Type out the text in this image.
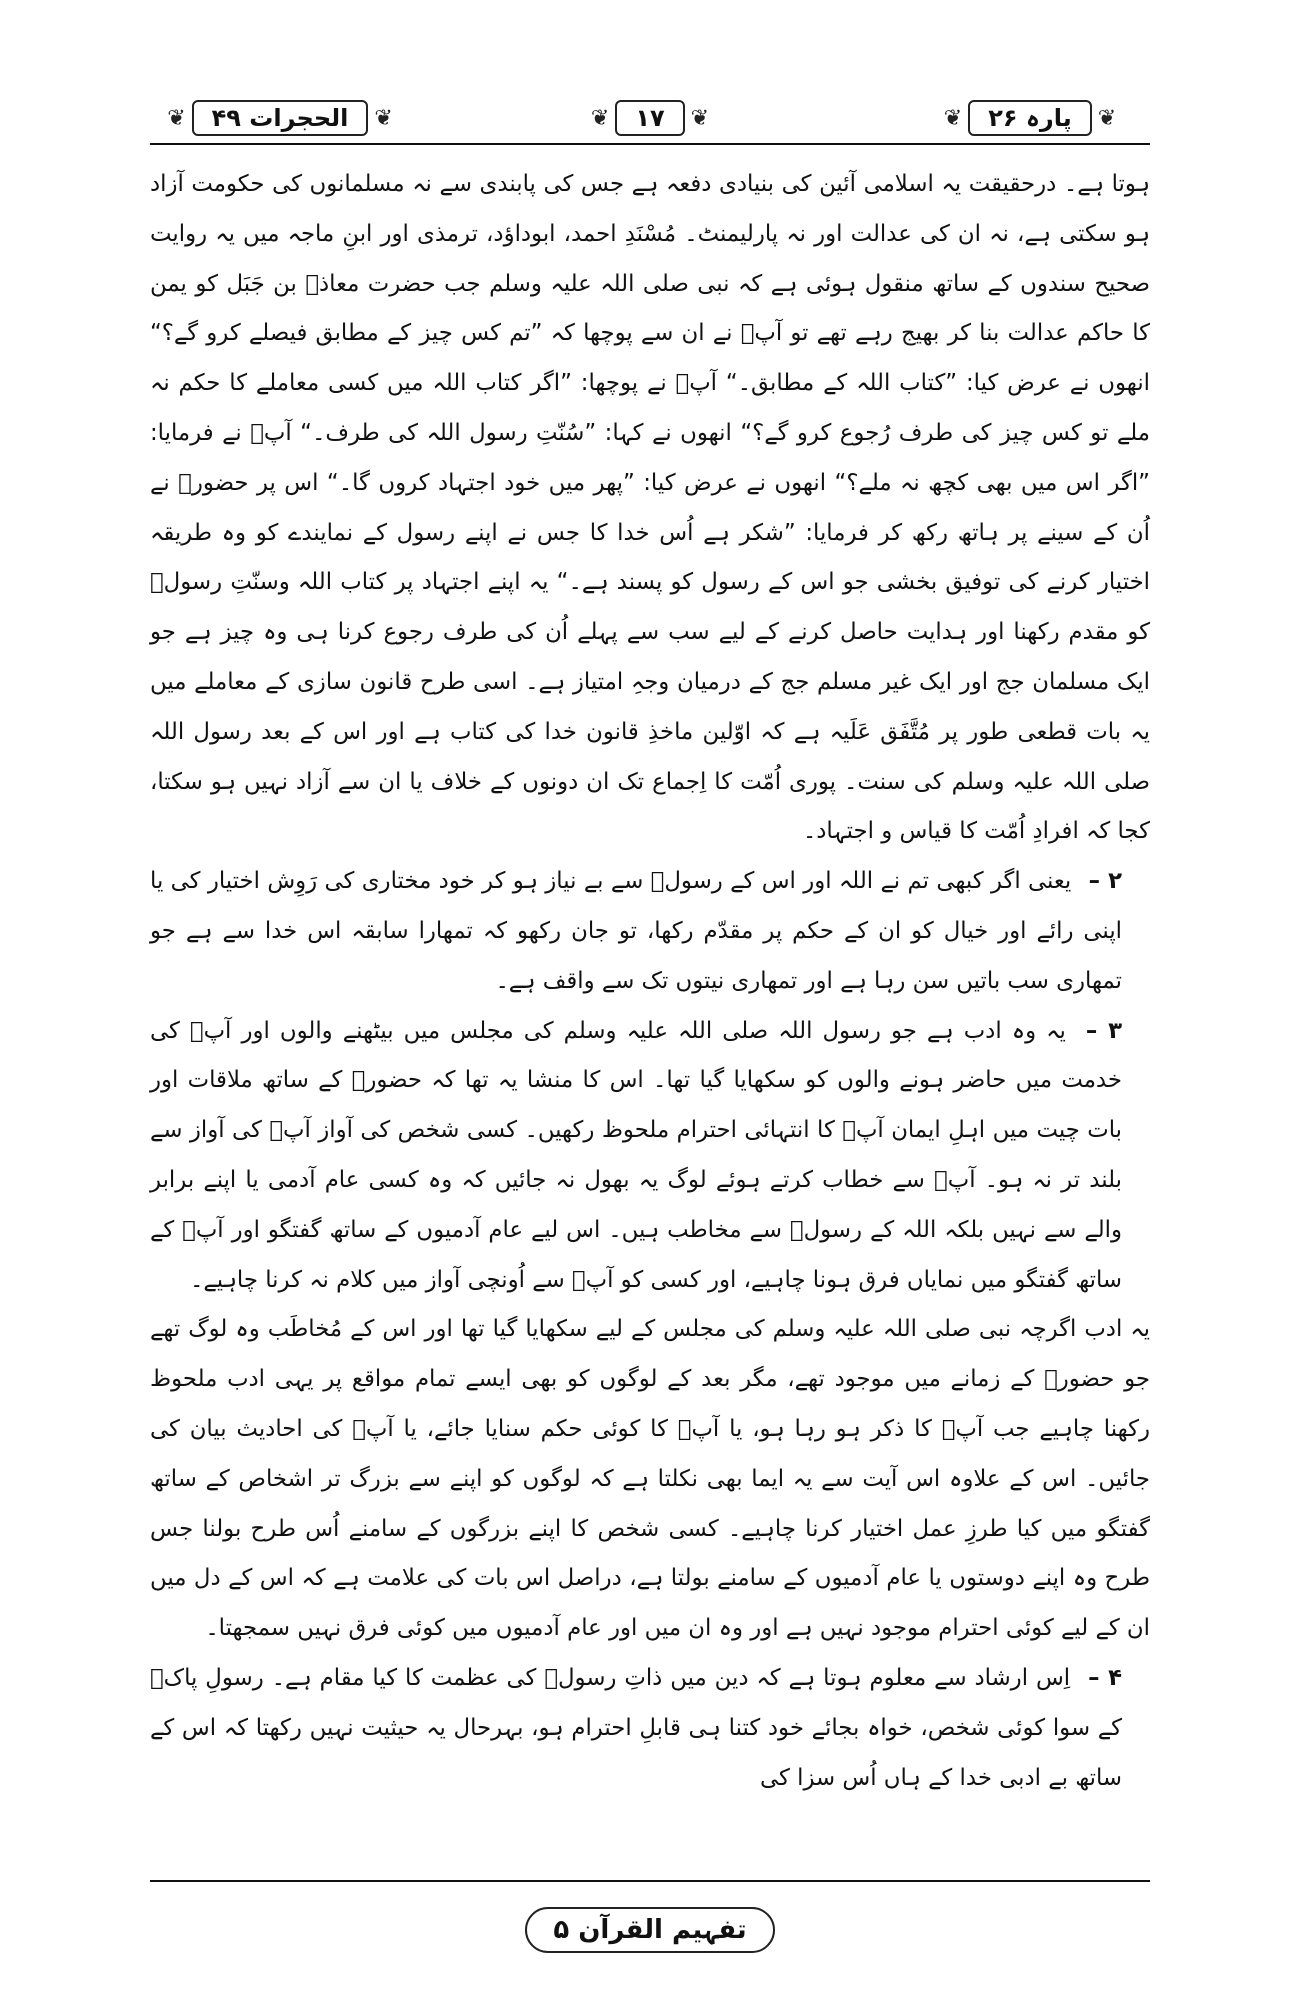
❦
الحجرات ۴۹
❦	❦
۱۷
❦	❦
پارہ ۲۶
❦

ہوتا ہے۔ درحقیقت یہ اسلامی آئین کی بنیادی دفعہ ہے جس کی پابندی سے نہ مسلمانوں کی حکومت آزاد ہو سکتی ہے، نہ ان کی عدالت اور نہ پارلیمنٹ۔ مُسْنَدِ احمد، ابوداؤد، ترمذی اور ابنِ ماجہ میں یہ روایت صحیح سندوں کے ساتھ منقول ہوئی ہے کہ نبی صلی اللہ علیہ وسلم جب حضرت معاذؓ بن جَبَل کو یمن کا حاکم عدالت بنا کر بھیج رہے تھے تو آپؐ نے ان سے پوچھا کہ ”تم کس چیز کے مطابق فیصلے کرو گے؟“ انھوں نے عرض کیا: ”کتاب اللہ کے مطابق۔“ آپؐ نے پوچھا: ”اگر کتاب اللہ میں کسی معاملے کا حکم نہ ملے تو کس چیز کی طرف رُجوع کرو گے؟“ انھوں نے کہا: ”سُنّتِ رسول اللہ کی طرف۔“ آپؐ نے فرمایا: ”اگر اس میں بھی کچھ نہ ملے؟“ انھوں نے عرض کیا: ”پھر میں خود اجتہاد کروں گا۔“ اس پر حضورؐ نے اُن کے سینے پر ہاتھ رکھ کر فرمایا: ”شکر ہے اُس خدا کا جس نے اپنے رسول کے نمایندے کو وہ طریقہ اختیار کرنے کی توفیق بخشی جو اس کے رسول کو پسند ہے۔“ یہ اپنے اجتہاد پر کتاب اللہ وسنّتِ رسولؐ کو مقدم رکھنا اور ہدایت حاصل کرنے کے لیے سب سے پہلے اُن کی طرف رجوع کرنا ہی وہ چیز ہے جو ایک مسلمان جج اور ایک غیر مسلم جج کے درمیان وجہِ امتیاز ہے۔ اسی طرح قانون سازی کے معاملے میں یہ بات قطعی طور پر مُتَّفَق عَلَیہ ہے کہ اوّلین ماخذِ قانون خدا کی کتاب ہے اور اس کے بعد رسول اللہ صلی اللہ علیہ وسلم کی سنت۔ پوری اُمّت کا اِجماع تک ان دونوں کے خلاف یا ان سے آزاد نہیں ہو سکتا، کجا کہ افرادِ اُمّت کا قیاس و اجتہاد۔

۲ – یعنی اگر کبھی تم نے اللہ اور اس کے رسولؐ سے بے نیاز ہو کر خود مختاری کی رَوِش اختیار کی یا اپنی رائے اور خیال کو ان کے حکم پر مقدّم رکھا، تو جان رکھو کہ تمھارا سابقہ اس خدا سے ہے جو تمھاری سب باتیں سن رہا ہے اور تمھاری نیتوں تک سے واقف ہے۔

۳ – یہ وہ ادب ہے جو رسول اللہ صلی اللہ علیہ وسلم کی مجلس میں بیٹھنے والوں اور آپؐ کی خدمت میں حاضر ہونے والوں کو سکھایا گیا تھا۔ اس کا منشا یہ تھا کہ حضورؐ کے ساتھ ملاقات اور بات چیت میں اہلِ ایمان آپؐ کا انتہائی احترام ملحوظ رکھیں۔ کسی شخص کی آواز آپؐ کی آواز سے بلند تر نہ ہو۔ آپؐ سے خطاب کرتے ہوئے لوگ یہ بھول نہ جائیں کہ وہ کسی عام آدمی یا اپنے برابر والے سے نہیں بلکہ اللہ کے رسولؐ سے مخاطب ہیں۔ اس لیے عام آدمیوں کے ساتھ گفتگو اور آپؐ کے ساتھ گفتگو میں نمایاں فرق ہونا چاہیے، اور کسی کو آپؐ سے اُونچی آواز میں کلام نہ کرنا چاہیے۔

یہ ادب اگرچہ نبی صلی اللہ علیہ وسلم کی مجلس کے لیے سکھایا گیا تھا اور اس کے مُخاطَب وہ لوگ تھے جو حضورؐ کے زمانے میں موجود تھے، مگر بعد کے لوگوں کو بھی ایسے تمام مواقع پر یہی ادب ملحوظ رکھنا چاہیے جب آپؐ کا ذکر ہو رہا ہو، یا آپؐ کا کوئی حکم سنایا جائے، یا آپؐ کی احادیث بیان کی جائیں۔ اس کے علاوہ اس آیت سے یہ ایما بھی نکلتا ہے کہ لوگوں کو اپنے سے بزرگ تر اشخاص کے ساتھ گفتگو میں کیا طرزِ عمل اختیار کرنا چاہیے۔ کسی شخص کا اپنے بزرگوں کے سامنے اُس طرح بولنا جس طرح وہ اپنے دوستوں یا عام آدمیوں کے سامنے بولتا ہے، دراصل اس بات کی علامت ہے کہ اس کے دل میں ان کے لیے کوئی احترام موجود نہیں ہے اور وہ ان میں اور عام آدمیوں میں کوئی فرق نہیں سمجھتا۔

۴ – اِس ارشاد سے معلوم ہوتا ہے کہ دین میں ذاتِ رسولؐ کی عظمت کا کیا مقام ہے۔ رسولِ پاکؐ کے سوا کوئی شخص، خواہ بجائے خود کتنا ہی قابلِ احترام ہو، بہرحال یہ حیثیت نہیں رکھتا کہ اس کے ساتھ بے ادبی خدا کے ہاں اُس سزا کی

تفہیم القرآن ۵
